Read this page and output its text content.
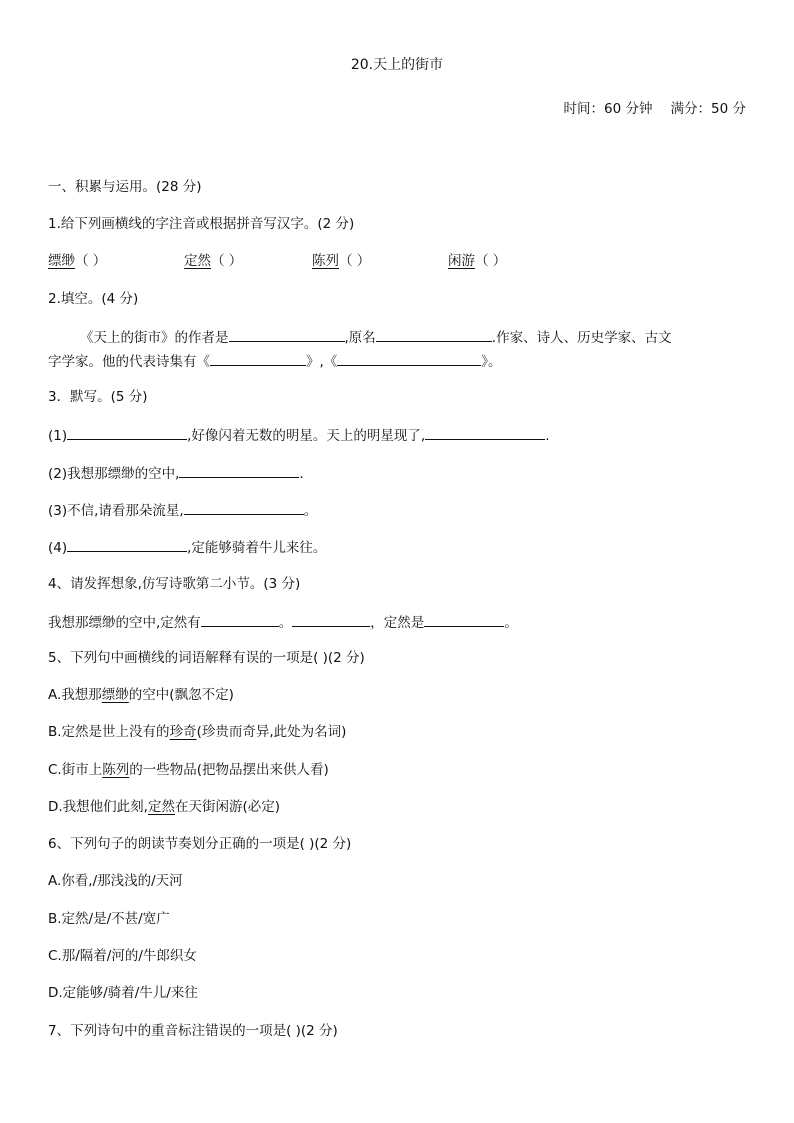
20.天上的街市
时间：60 分钟 满分：50 分
一、积累与运用。(28 分)
1.给下列画横线的字注音或根据拼音写汉字。(2 分)
缥缈（ ）	定然（ ）	陈列（ ）	闲游（ ）
2.填空。(4 分)
《天上的街市》的作者是	,原名	.作家、诗人、历史学家、古文
字学家。他的代表诗集有《	》,《	》。
3．默写。(5 分)
(1)	,好像闪着无数的明星。天上的明星现了,	.
(2)我想那缥缈的空中,	.
(3)不信,请看那朵流星,	。
(4)	,定能够骑着牛儿来往。
4、请发挥想象,仿写诗歌第二小节。(3 分)
我想那缥缈的空中,定然有	。	，定然是	。
5、下列句中画横线的词语解释有误的一项是( )(2 分)
A.我想那缥缈的空中(飘忽不定)
B.定然是世上没有的珍奇(珍贵而奇异,此处为名词)
C.街市上陈列的一些物品(把物品摆出来供人看)
D.我想他们此刻,定然在天街闲游(必定)
6、下列句子的朗读节奏划分正确的一项是( )(2 分)
A.你看,/那浅浅的/天河
B.定然/是/不甚/宽广
C.那/隔着/河的/牛郎织女
D.定能够/骑着/牛儿/来往
7、下列诗句中的重音标注错误的一项是( )(2 分)
